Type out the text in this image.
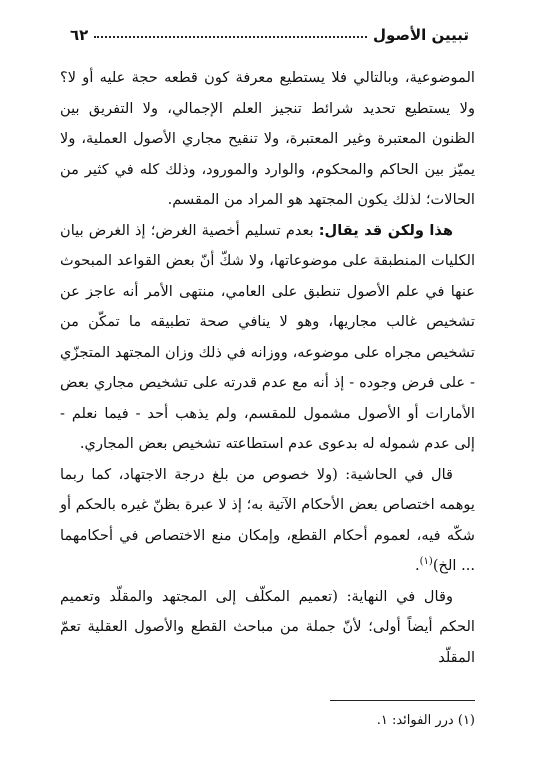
تبيين الأصول
٦٢

الموضوعية، وبالتالي فلا يستطيع معرفة كون قطعه حجة عليه أو لا؟ ولا يستطيع تحديد شرائط تنجيز العلم الإجمالي، ولا التفريق بين الظنون المعتبرة وغير المعتبرة، ولا تنقيح مجاري الأصول العملية، ولا يميّز بين الحاكم والمحكوم، والوارد والمورود، وذلك كله في كثير من الحالات؛ لذلك يكون المجتهد هو المراد من المقسم.

هذا ولكن قد يقال: بعدم تسليم أخصية الغرض؛ إذ الغرض بيان الكليات المنطبقة على موضوعاتها، ولا شكّ أنّ بعض القواعد المبحوث عنها في علم الأصول تنطبق على العامي، منتهى الأمر أنه عاجز عن تشخيص غالب مجاريها، وهو لا ينافي صحة تطبيقه ما تمكّن من تشخيص مجراه على موضوعه، ووزانه في ذلك وزان المجتهد المتجزّي - على فرض وجوده - إذ أنه مع عدم قدرته على تشخيص مجاري بعض الأمارات أو الأصول مشمول للمقسم، ولم يذهب أحد - فيما نعلم - إلى عدم شموله له بدعوى عدم استطاعته تشخيص بعض المجاري.

قال في الحاشية: (ولا خصوص من بلغ درجة الاجتهاد، كما ربما يوهمه اختصاص بعض الأحكام الآتية به؛ إذ لا عبرة بظنّ غيره بالحكم أو شكّه فيه، لعموم أحكام القطع، وإمكان منع الاختصاص في أحكامهما ... الخ)$^{(١)}$.

وقال في النهاية: (تعميم المكلّف إلى المجتهد والمقلّد وتعميم الحكم أيضاً أولى؛ لأنّ جملة من مباحث القطع والأصول العقلية تعمّ المقلّد

(١) درر الفوائد: ١.
